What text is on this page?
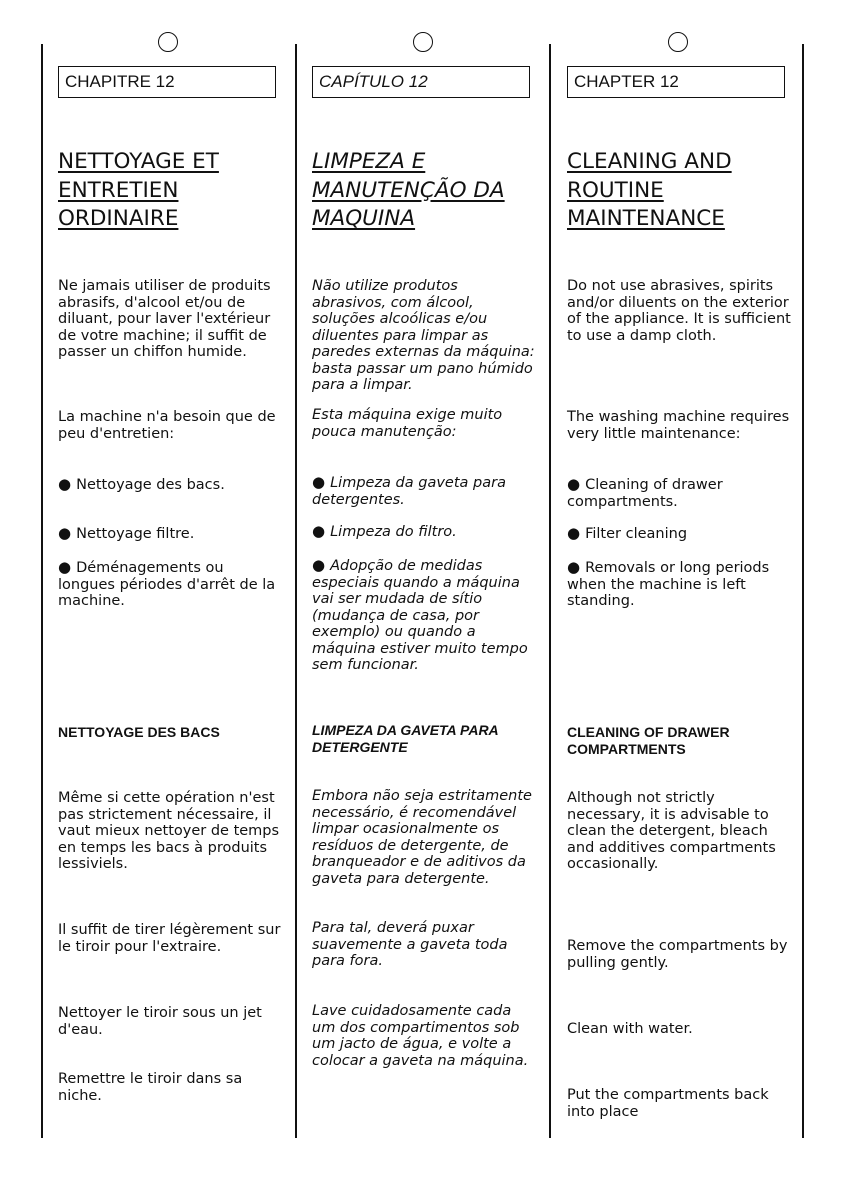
CHAPITRE 12
NETTOYAGE ET
ENTRETIEN
ORDINAIRE
Ne jamais utiliser de produits abrasifs, d'alcool et/ou de diluant, pour laver l'extérieur de votre machine; il suffit de passer un chiffon humide.
La machine n'a besoin que de peu d'entretien:
● Nettoyage des bacs.
● Nettoyage filtre.
● Déménagements ou longues périodes d'arrêt de la machine.
NETTOYAGE DES BACS
Même si cette opération n'est pas strictement nécessaire, il vaut mieux nettoyer de temps en temps les bacs à produits lessiviels.
Il suffit de tirer légèrement sur le tiroir pour l'extraire.
Nettoyer le tiroir sous un jet d'eau.
Remettre le tiroir dans sa niche.
CAPÍTULO 12
LIMPEZA E
MANUTENÇÃO DA
MAQUINA
Não utilize produtos abrasivos, com álcool, soluções alcoólicas e/ou diluentes para limpar as paredes externas da máquina: basta passar um pano húmido para a limpar.
Esta máquina exige muito pouca manutenção:
● Limpeza da gaveta para detergentes.
● Limpeza do filtro.
● Adopção de medidas especiais quando a máquina vai ser mudada de sítio (mudança de casa, por exemplo) ou quando a máquina estiver muito tempo sem funcionar.
LIMPEZA DA GAVETA PARA DETERGENTE
Embora não seja estritamente necessário, é recomendável limpar ocasionalmente os resíduos de detergente, de branqueador e de aditivos da gaveta para detergente.
Para tal, deverá puxar suavemente a gaveta toda para fora.
Lave cuidadosamente cada um dos compartimentos sob um jacto de água, e volte a colocar a gaveta na máquina.
CHAPTER 12
CLEANING AND
ROUTINE
MAINTENANCE
Do not use abrasives, spirits and/or diluents on the exterior of the appliance. It is sufficient to use a damp cloth.
The washing machine requires very little maintenance:
● Cleaning of drawer compartments.
● Filter cleaning
● Removals or long periods when the machine is left standing.
CLEANING OF DRAWER COMPARTMENTS
Although not strictly necessary, it is advisable to clean the detergent, bleach and additives compartments occasionally.
Remove the compartments by pulling gently.
Clean with water.
Put the compartments back into place
